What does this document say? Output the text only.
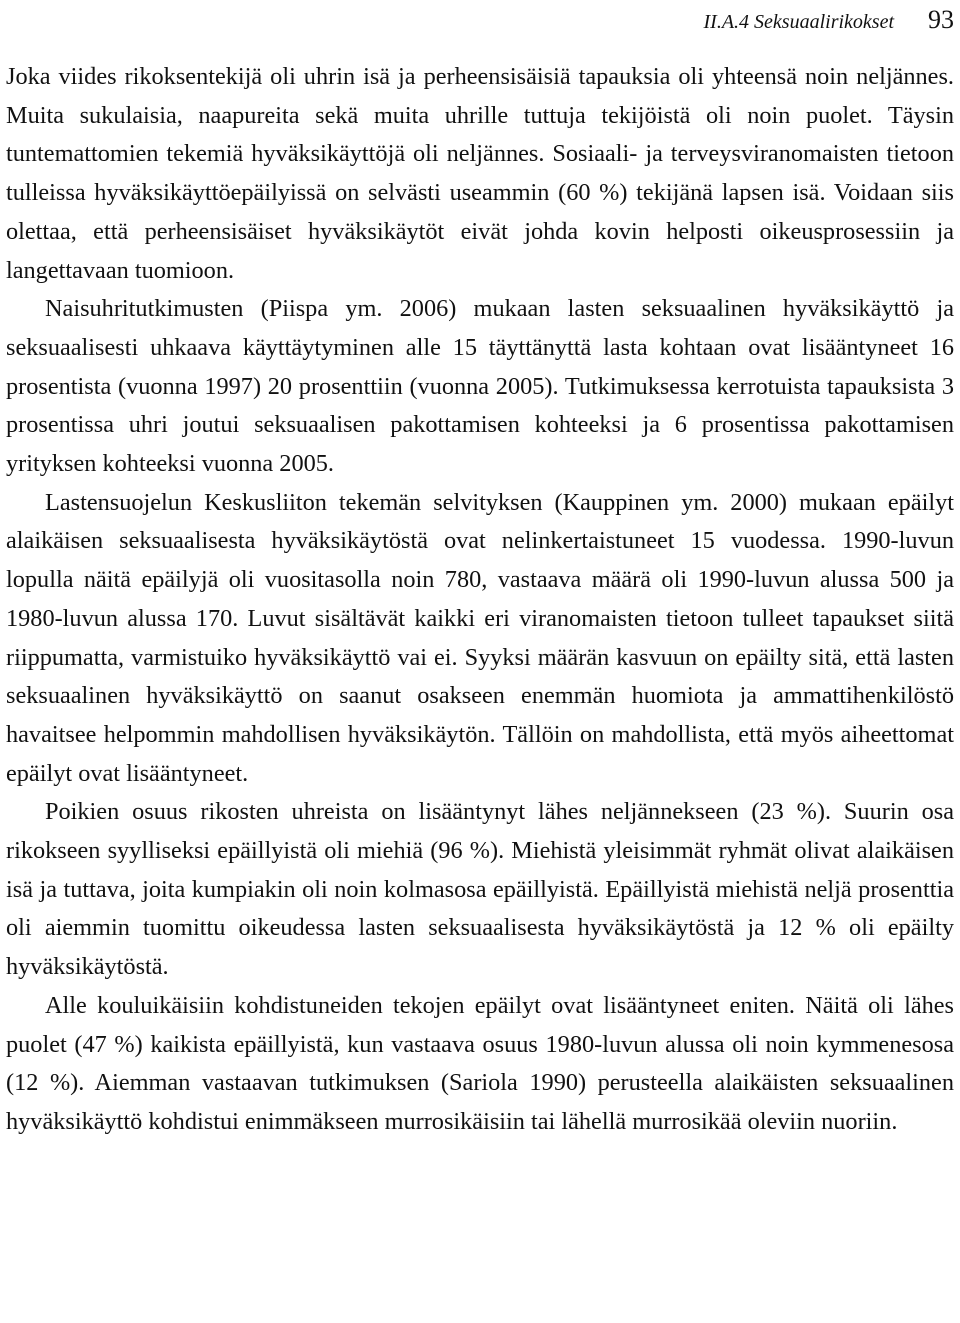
II.A.4 Seksuaalirikokset 93

Joka viides rikoksentekijä oli uhrin isä ja perheensisäisiä tapauksia oli yhteensä noin neljännes. Muita sukulaisia, naapureita sekä muita uhrille tuttuja tekijöistä oli noin puolet. Täysin tuntemattomien tekemiä hyväksikäyttöjä oli neljännes. Sosiaali- ja terveysviranomaisten tietoon tulleissa hyväksikäyttöepäilyissä on selvästi useammin (60 %) tekijänä lapsen isä. Voidaan siis olettaa, että perheensisäiset hyväksikäytöt eivät johda kovin helposti oikeusprosessiin ja langettavaan tuomioon.

Naisuhritutkimusten (Piispa ym. 2006) mukaan lasten seksuaalinen hyväksikäyttö ja seksuaalisesti uhkaava käyttäytyminen alle 15 täyttänyttä lasta kohtaan ovat lisääntyneet 16 prosentista (vuonna 1997) 20 prosenttiin (vuonna 2005). Tutkimuksessa kerrotuista tapauksista 3 prosentissa uhri joutui seksuaalisen pakottamisen kohteeksi ja 6 prosentissa pakottamisen yrityksen kohteeksi vuonna 2005.

Lastensuojelun Keskusliiton tekemän selvityksen (Kauppinen ym. 2000) mukaan epäilyt alaikäisen seksuaalisesta hyväksikäytöstä ovat nelinkertaistuneet 15 vuodessa. 1990-luvun lopulla näitä epäilyjä oli vuositasolla noin 780, vastaava määrä oli 1990-luvun alussa 500 ja 1980-luvun alussa 170. Luvut sisältävät kaikki eri viranomaisten tietoon tulleet tapaukset siitä riippumatta, varmistuiko hyväksikäyttö vai ei. Syyksi määrän kasvuun on epäilty sitä, että lasten seksuaalinen hyväksikäyttö on saanut osakseen enemmän huomiota ja ammattihenkilöstö havaitsee helpommin mahdollisen hyväksikäytön. Tällöin on mahdollista, että myös aiheettomat epäilyt ovat lisääntyneet.

Poikien osuus rikosten uhreista on lisääntynyt lähes neljännekseen (23 %). Suurin osa rikokseen syylliseksi epäillyistä oli miehiä (96 %). Miehistä yleisimmät ryhmät olivat alaikäisen isä ja tuttava, joita kumpiakin oli noin kolmasosa epäillyistä. Epäillyistä miehistä neljä prosenttia oli aiemmin tuomittu oikeudessa lasten seksuaalisesta hyväksikäytöstä ja 12 % oli epäilty hyväksikäytöstä.

Alle kouluikäisiin kohdistuneiden tekojen epäilyt ovat lisääntyneet eniten. Näitä oli lähes puolet (47 %) kaikista epäillyistä, kun vastaava osuus 1980-luvun alussa oli noin kymmenesosa (12 %). Aiemman vastaavan tutkimuksen (Sariola 1990) perusteella alaikäisten seksuaalinen hyväksikäyttö kohdistui enimmäkseen murrosikäisiin tai lähellä murrosikää oleviin nuoriin.
